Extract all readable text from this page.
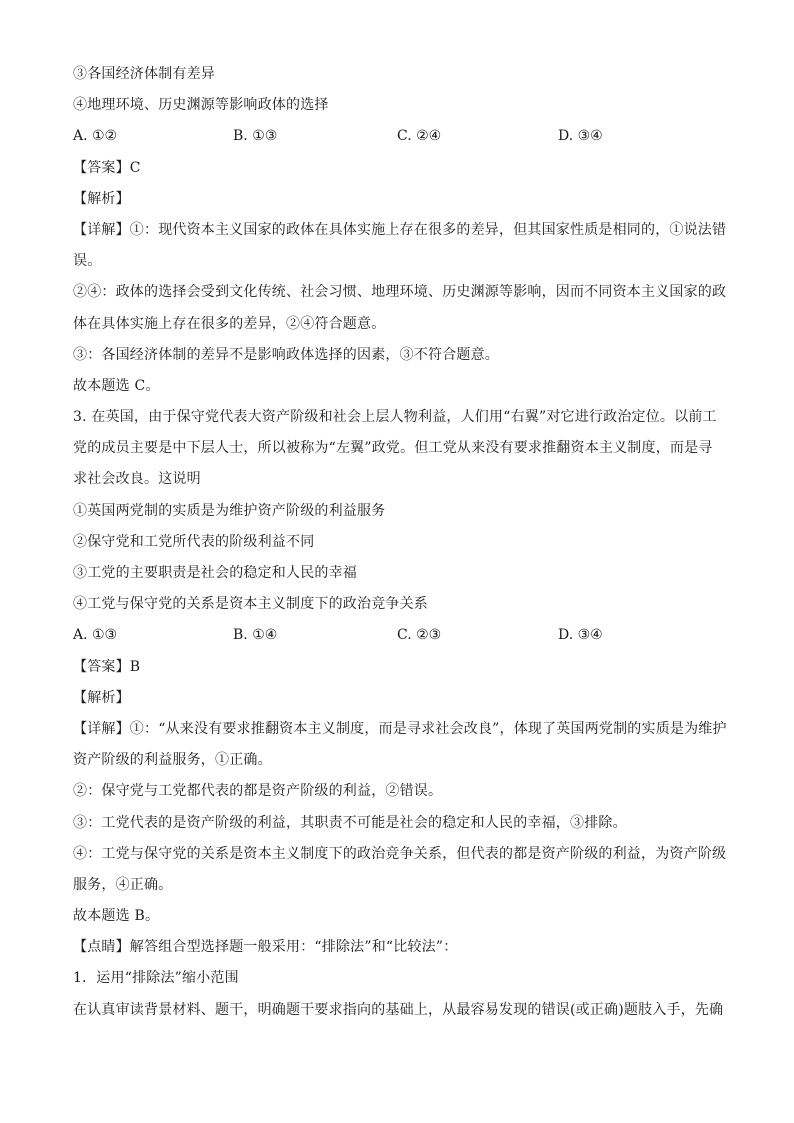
③各国经济体制有差异
④地理环境、历史渊源等影响政体的选择
A. ①②	B. ①③	C. ②④	D. ③④
【答案】C
【解析】
【详解】①：现代资本主义国家的政体在具体实施上存在很多的差异，但其国家性质是相同的，①说法错
误。
②④：政体的选择会受到文化传统、社会习惯、地理环境、历史渊源等影响，因而不同资本主义国家的政
体在具体实施上存在很多的差异，②④符合题意。
③：各国经济体制的差异不是影响政体选择的因素，③不符合题意。
故本题选 C。
3. 在英国，由于保守党代表大资产阶级和社会上层人物利益，人们用“右翼”对它进行政治定位。以前工
党的成员主要是中下层人士，所以被称为“左翼”政党。但工党从来没有要求推翻资本主义制度，而是寻
求社会改良。这说明
①英国两党制的实质是为维护资产阶级的利益服务
②保守党和工党所代表的阶级利益不同
③工党的主要职责是社会的稳定和人民的幸福
④工党与保守党的关系是资本主义制度下的政治竞争关系
A. ①③	B. ①④	C. ②③	D. ③④
【答案】B
【解析】
【详解】①：“从来没有要求推翻资本主义制度，而是寻求社会改良”，体现了英国两党制的实质是为维护
资产阶级的利益服务，①正确。
②：保守党与工党都代表的都是资产阶级的利益，②错误。
③：工党代表的是资产阶级的利益，其职责不可能是社会的稳定和人民的幸福，③排除。
④：工党与保守党的关系是资本主义制度下的政治竞争关系，但代表的都是资产阶级的利益，为资产阶级
服务，④正确。
故本题选 B。
【点睛】解答组合型选择题一般采用：“排除法”和“比较法”：
1．运用“排除法”缩小范围
在认真审读背景材料、题干，明确题干要求指向的基础上，从最容易发现的错误(或正确)题肢入手，先确
